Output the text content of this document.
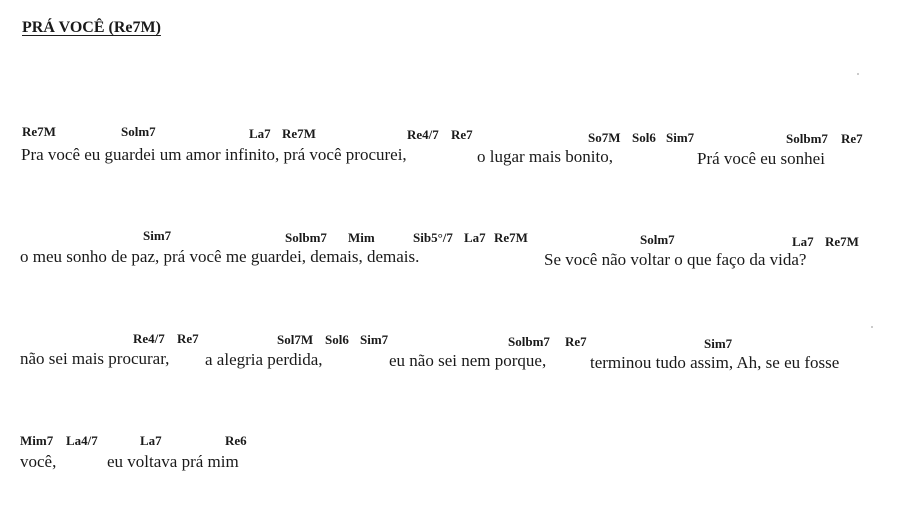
PRÁ VOCÊ (Re7M)
Re7M	Solm7	La7 Re7M	Re4/7 Re7	So7M Sol6 Sim7	Solbm7 Re7
Pra você eu guardei um amor infinito, prá você procurei,	o lugar mais bonito,	Prá você eu sonhei
Sim7	Solbm7 Mim	Sib5°/7 La7 Re7M	Solm7	La7 Re7M
o meu sonho de paz, prá você me guardei, demais, demais.	Se você não voltar o que faço da vida?
Re4/7 Re7	Sol7M Sol6 Sim7	Solbm7 Re7	Sim7
não sei mais procurar, a alegria perdida,	eu não sei nem porque,	terminou tudo assim, Ah, se eu fosse
Mim7 La4/7	La7	Re6
você,	eu voltava prá mim
